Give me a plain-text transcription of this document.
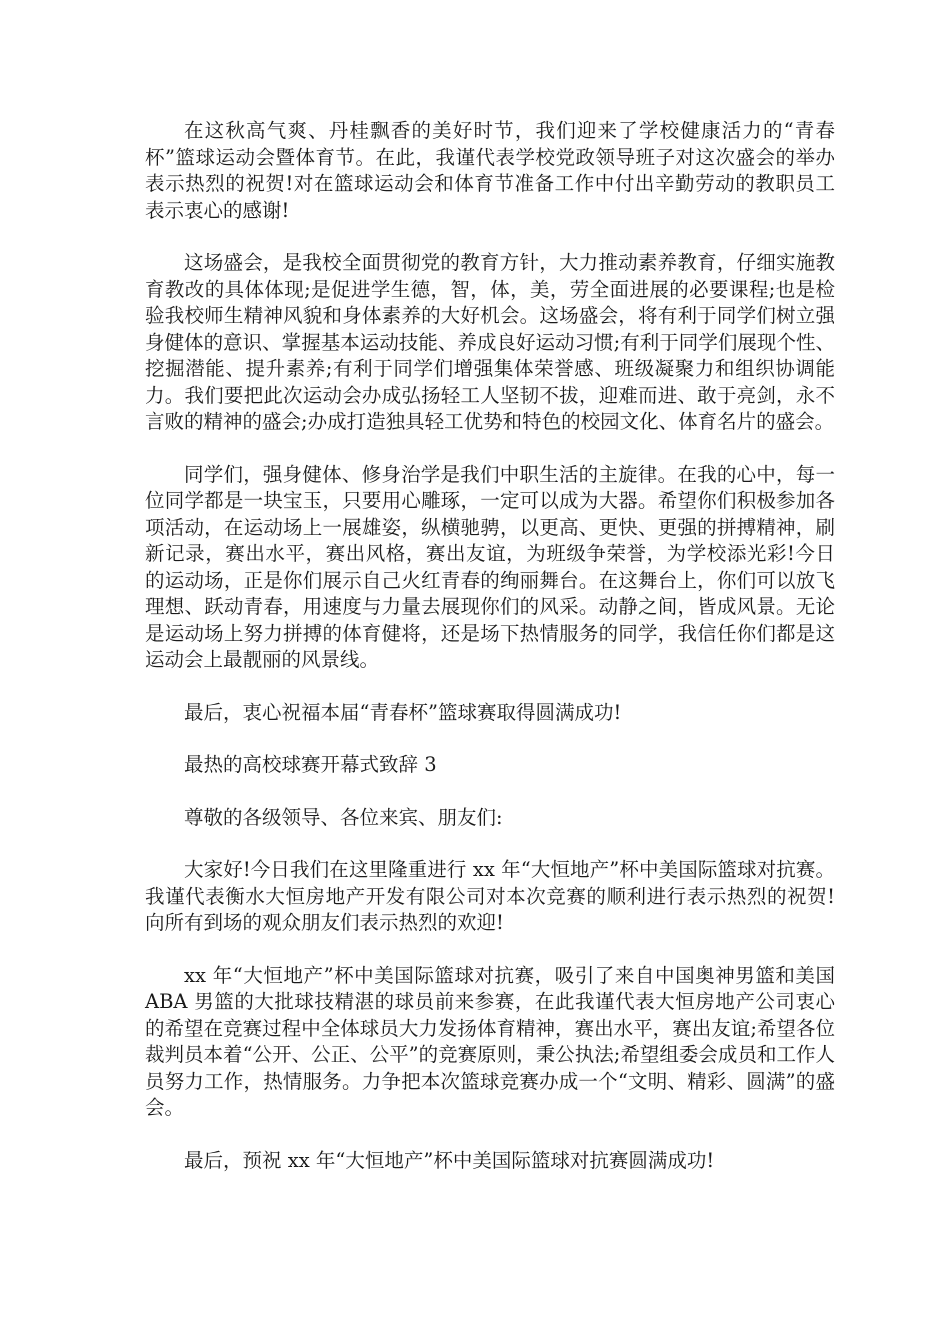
在这秋高气爽、丹桂飘香的美好时节，我们迎来了学校健康活力的“青春杯”篮球运动会暨体育节。在此，我谨代表学校党政领导班子对这次盛会的举办表示热烈的祝贺!对在篮球运动会和体育节准备工作中付出辛勤劳动的教职员工表示衷心的感谢!

这场盛会，是我校全面贯彻党的教育方针，大力推动素养教育，仔细实施教育教改的具体体现;是促进学生德，智，体，美，劳全面进展的必要课程;也是检验我校师生精神风貌和身体素养的大好机会。这场盛会，将有利于同学们树立强身健体的意识、掌握基本运动技能、养成良好运动习惯;有利于同学们展现个性、挖掘潜能、提升素养;有利于同学们增强集体荣誉感、班级凝聚力和组织协调能力。我们要把此次运动会办成弘扬轻工人坚韧不拔，迎难而进、敢于亮剑，永不言败的精神的盛会;办成打造独具轻工优势和特色的校园文化、体育名片的盛会。

同学们，强身健体、修身治学是我们中职生活的主旋律。在我的心中，每一位同学都是一块宝玉，只要用心雕琢，一定可以成为大器。希望你们积极参加各项活动，在运动场上一展雄姿，纵横驰骋，以更高、更快、更强的拼搏精神，刷新记录，赛出水平，赛出风格，赛出友谊，为班级争荣誉，为学校添光彩!今日的运动场，正是你们展示自己火红青春的绚丽舞台。在这舞台上，你们可以放飞理想、跃动青春，用速度与力量去展现你们的风采。动静之间，皆成风景。无论是运动场上努力拼搏的体育健将，还是场下热情服务的同学，我信任你们都是这运动会上最靓丽的风景线。

最后，衷心祝福本届“青春杯”篮球赛取得圆满成功!

最热的高校球赛开幕式致辞 3

尊敬的各级领导、各位来宾、朋友们:

大家好!今日我们在这里隆重进行 xx 年“大恒地产”杯中美国际篮球对抗赛。我谨代表衡水大恒房地产开发有限公司对本次竞赛的顺利进行表示热烈的祝贺!向所有到场的观众朋友们表示热烈的欢迎!

xx 年“大恒地产”杯中美国际篮球对抗赛，吸引了来自中国奥神男篮和美国 ABA 男篮的大批球技精湛的球员前来参赛，在此我谨代表大恒房地产公司衷心的希望在竞赛过程中全体球员大力发扬体育精神，赛出水平，赛出友谊;希望各位裁判员本着“公开、公正、公平”的竞赛原则，秉公执法;希望组委会成员和工作人员努力工作，热情服务。力争把本次篮球竞赛办成一个“文明、精彩、圆满”的盛会。

最后，预祝 xx 年“大恒地产”杯中美国际篮球对抗赛圆满成功!
